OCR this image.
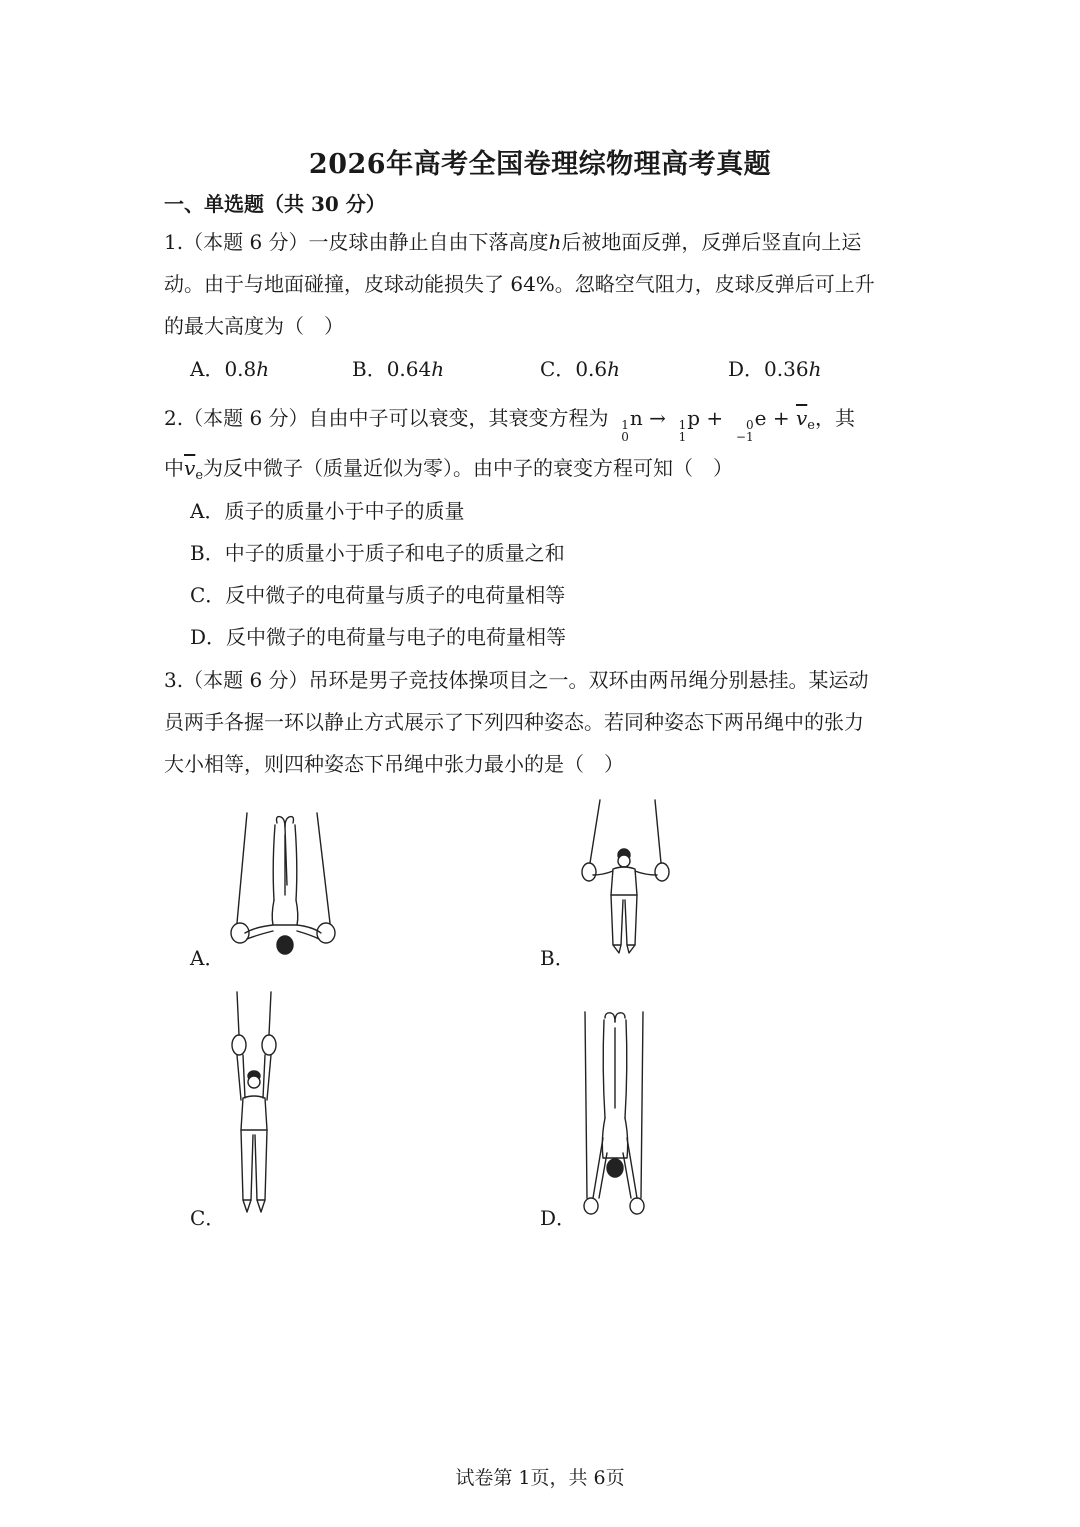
2026年高考全国卷理综物理高考真题
一、单选题（共 30 分）
1.（本题 6 分）一皮球由静止自由下落高度h后被地面反弹，反弹后竖直向上运
动。由于与地面碰撞，皮球动能损失了 64%。忽略空气阻力，皮球反弹后可上升
的最大高度为（　）
A．0.8h	B．0.64h	C．0.6h	D．0.36h
2.（本题 6 分）自由中子可以衰变，其衰变方程为 1
0
n → 1
1
p + 0
−1
$e + \overline{v}_e$，其
中$\overline{v}_e$为反中微子（质量近似为零）。由中子的衰变方程可知（　）
A．质子的质量小于中子的质量
B．中子的质量小于质子和电子的质量之和
C．反中微子的电荷量与质子的电荷量相等
D．反中微子的电荷量与电子的电荷量相等
3.（本题 6 分）吊环是男子竞技体操项目之一。双环由两吊绳分别悬挂。某运动
员两手各握一环以静止方式展示了下列四种姿态。若同种姿态下两吊绳中的张力
大小相等，则四种姿态下吊绳中张力最小的是（　）
A．	B．
C．	D．
试卷第 1页，共 6页
